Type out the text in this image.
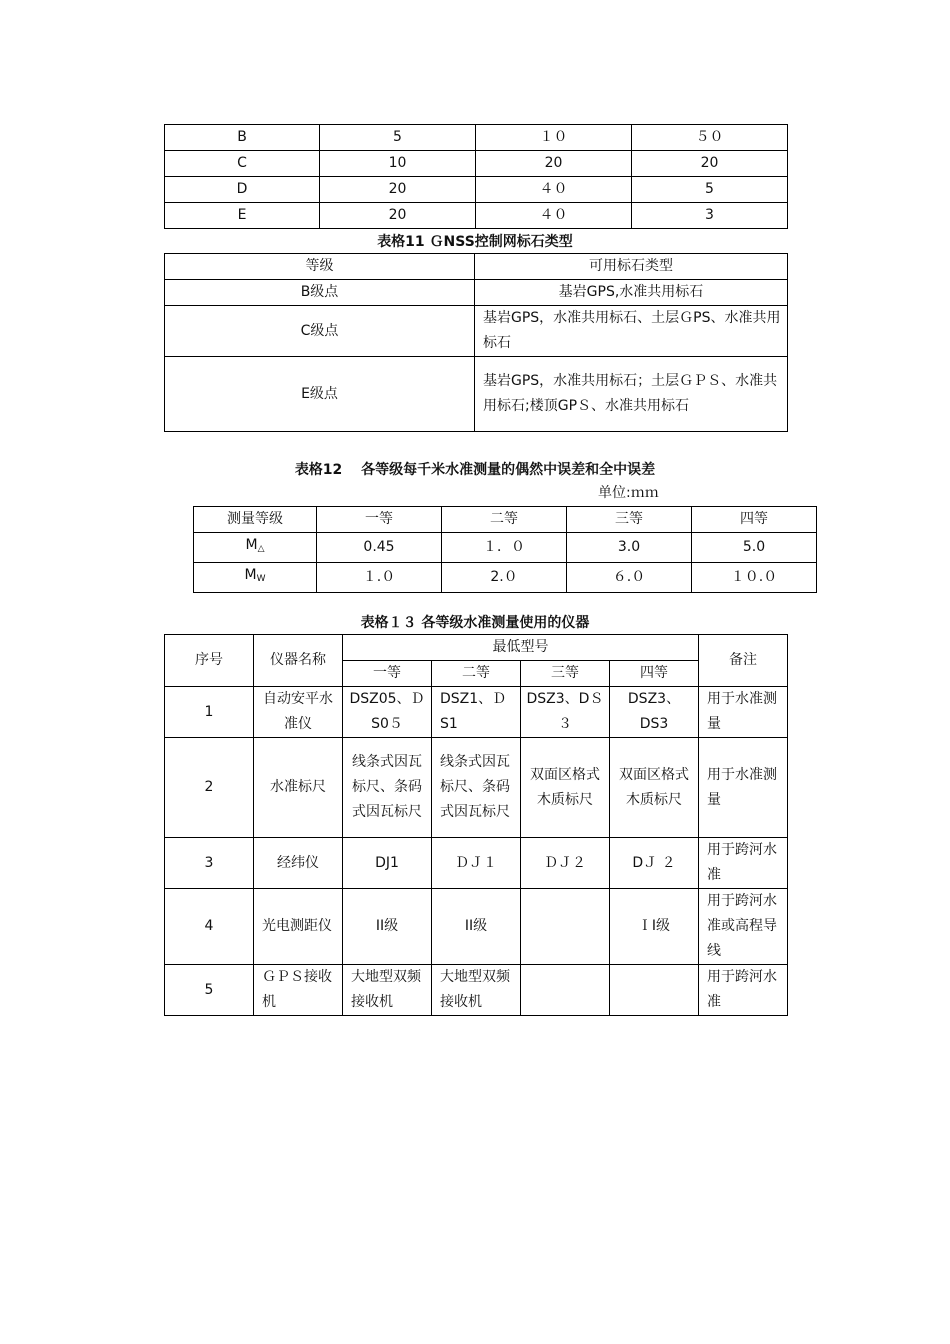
B	5	１０	５０
C	10	20	20
D	20	４０	5
E	20	４０	3
表格11 ＧNSS控制网标石类型
等级	可用标石类型
B级点	基岩GPS,水准共用标石
C级点	基岩GPS，水准共用标石、土层ＧPS、水准共用标石
E级点	基岩GPS，水准共用标石；土层ＧＰＳ、水准共用标石;楼顶GPＳ、水准共用标石
表格12　 各等级每千米水准测量的偶然中误差和全中误差
单位:ｍｍ
测量等级	一等	二等	三等	四等
$M_\triangle$	0.45	１．０	3.0	5.0
$M_W$	１.０	2.０	６.０	１０.０
表格１３ 各等级水准测量使用的仪器
序号	仪器名称	最低型号				备注
		一等	二等	三等	四等	
1	自动安平水准仪	DSZ05、ＤS0５	DSZ1、ＤS1	DSZ3、DＳ３	DSZ3、DS3	用于水准测量
2	水准标尺	线条式因瓦标尺、条码式因瓦标尺	线条式因瓦标尺、条码式因瓦标尺	双面区格式木质标尺	双面区格式木质标尺	用于水准测量
3	经纬仪	DJ1	ＤＪ１	ＤＪ２	DＪ ２	用于跨河水准
4	光电测距仪	II级	II级		ＩI级	用于跨河水准或高程导线
5	ＧＰＳ接收机	大地型双频接收机	大地型双频接收机			用于跨河水准
